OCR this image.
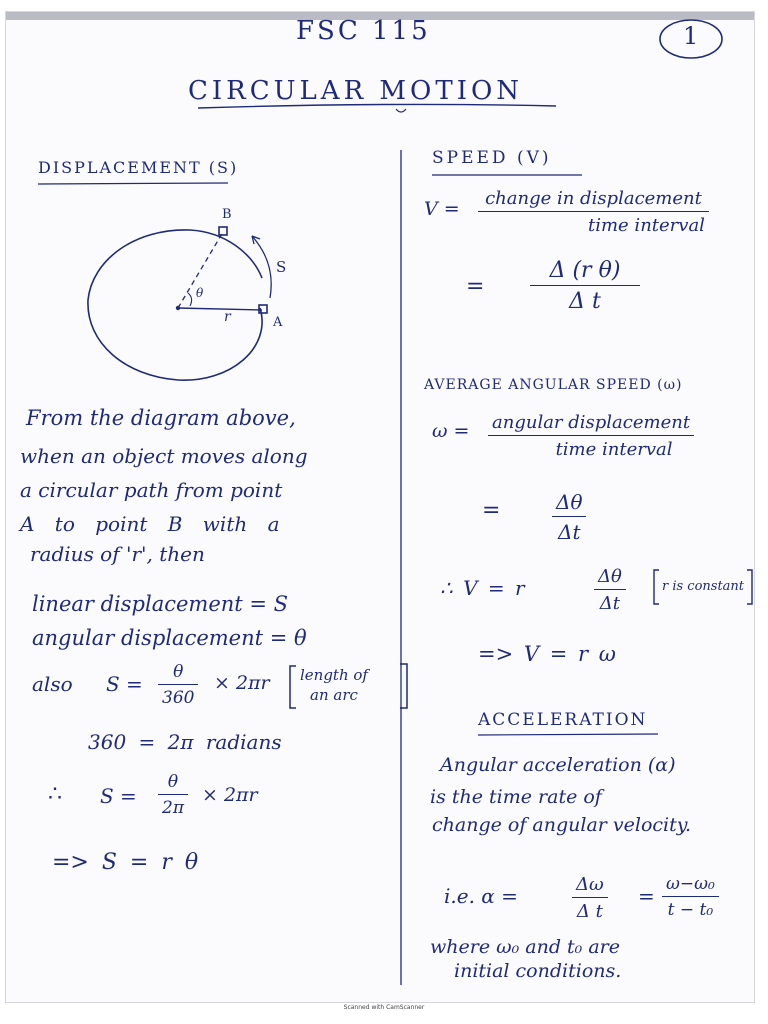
FSC 115	1
CIRCULAR MOTION
DISPLACEMENT (S)
B
A
S
r
θ
From the diagram above,
when an object moves along
a circular path from point
A to point B with a
radius of 'r', then
linear displacement = S
angular displacement = θ
also $S = \frac{\theta}{360} \times 2\pi r$ length of
an arc
360 = 2π radians
∴ $S = \frac{\theta}{2\pi} \times 2\pi r$
=> S = r θ
SPEED (V)
V =	change in displacement
time interval
= $\frac{\text{Δ (r θ)}}{\text{Δ t}}$
AVERAGE ANGULAR SPEED (ω)
ω = angular displacement
time interval
=	$\frac{\Delta\theta}{\Delta t}$
∴ V = r	$\frac{\Delta\theta}{\Delta t}$	r is constant
=> V = r ω
ACCELERATION
Angular acceleration (α)
is the time rate of
change of angular velocity.
i.e. α =	$\frac{\Delta\omega}{\text{Δ t}} = \frac{\text{ω−ω₀}}{\text{t − t₀}}$
where ω₀ and t₀ are
initial conditions.
Scanned with CamScanner
